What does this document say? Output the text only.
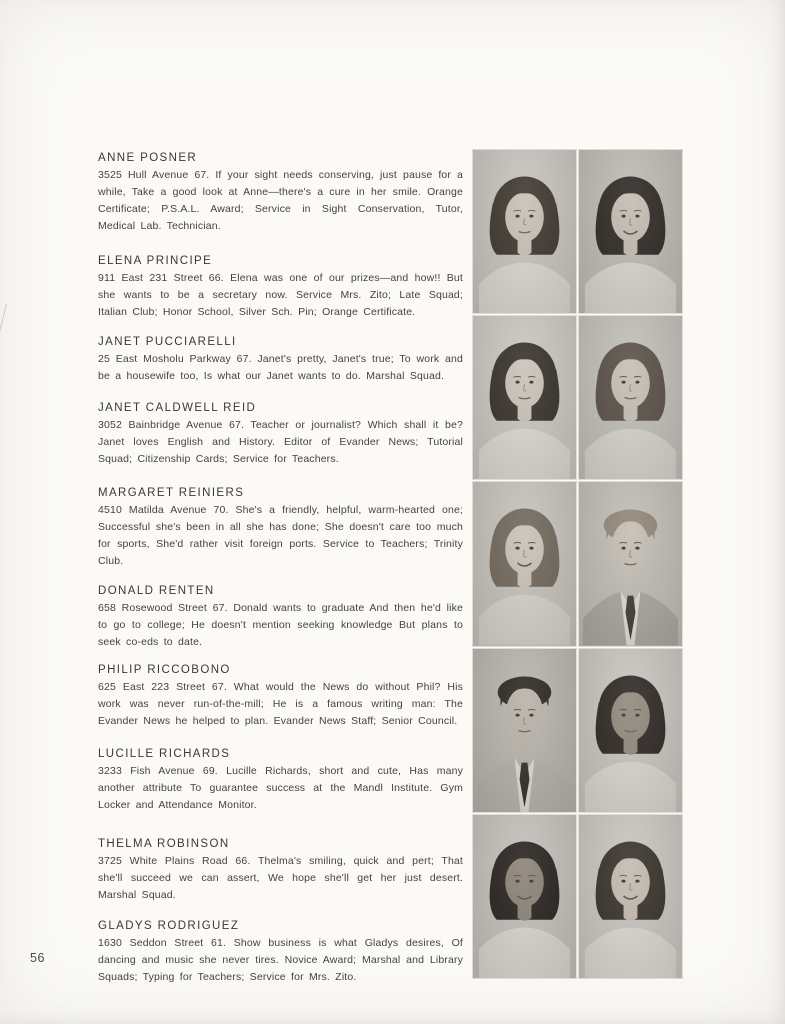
ANNE POSNER

3525 Hull Avenue 67. If your sight needs conserving, just pause for a while, Take a good look at Anne—there's a cure in her smile. Orange Certificate; P.S.A.L. Award; Service in Sight Conservation, Tutor, Medical Lab. Technician.

ELENA PRINCIPE

911 East 231 Street 66. Elena was one of our prizes—and how!! But she wants to be a secretary now. Service Mrs. Zito; Late Squad; Italian Club; Honor School, Silver Sch. Pin; Orange Certificate.

JANET PUCCIARELLI

25 East Mosholu Parkway 67. Janet's pretty, Janet's true; To work and be a housewife too, Is what our Janet wants to do. Marshal Squad.

JANET CALDWELL REID

3052 Bainbridge Avenue 67. Teacher or journalist? Which shall it be? Janet loves English and History. Editor of Evander News; Tutorial Squad; Citizenship Cards; Service for Teachers.

MARGARET REINIERS

4510 Matilda Avenue 70. She's a friendly, helpful, warm-hearted one; Successful she's been in all she has done; She doesn't care too much for sports, She'd rather visit foreign ports. Service to Teachers; Trinity Club.

DONALD RENTEN

658 Rosewood Street 67. Donald wants to graduate And then he'd like to go to college; He doesn't mention seeking knowledge But plans to seek co-eds to date.

PHILIP RICCOBONO

625 East 223 Street 67. What would the News do without Phil? His work was never run-of-the-mill; He is a famous writing man: The Evander News he helped to plan. Evander News Staff; Senior Council.

LUCILLE RICHARDS

3233 Fish Avenue 69. Lucille Richards, short and cute, Has many another attribute To guarantee success at the Mandl Institute. Gym Locker and Attendance Monitor.

THELMA ROBINSON

3725 White Plains Road 66. Thelma's smiling, quick and pert; That she'll succeed we can assert, We hope she'll get her just desert. Marshal Squad.

GLADYS RODRIGUEZ

1630 Seddon Street 61. Show business is what Gladys desires, Of dancing and music she never tires. Novice Award; Marshal and Library Squads; Typing for Teachers; Service for Mrs. Zito.

56
